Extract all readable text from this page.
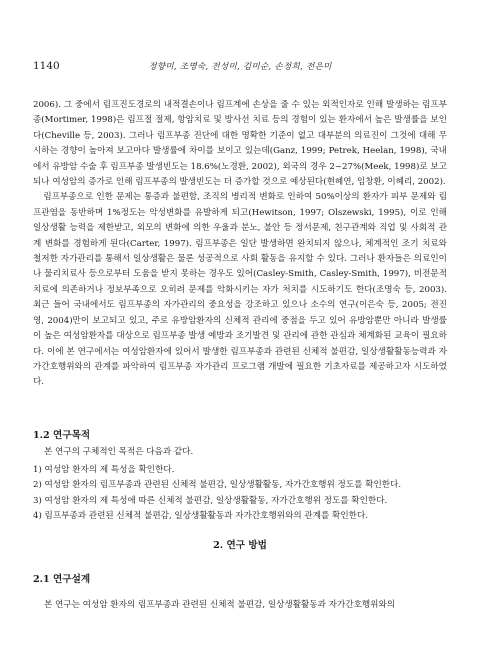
1140	정향미, 조명숙, 전성미, 김미순, 손정희, 전은미

2006). 그 중에서 림프진도경로의 내적결손이나 림프계에 손상을 줄 수 있는 외적인자로 인해 발생하는 림프부종(Mortimer, 1998)은 림프절 절제, 항암치료 및 방사선 치료 등의 경험이 있는 환자에서 높은 발생률을 보인다(Cheville 등, 2003). 그러나 림프부종 진단에 대한 명확한 기준이 없고 대부분의 의료진이 그것에 대해 무시하는 경향이 높아져 보고마다 발생률에 차이를 보이고 있는데(Ganz, 1999; Petrek, Heelan, 1998), 국내에서 유방암 수술 후 림프부종 발생빈도는 18.6%(노경환, 2002), 외국의 경우 2~27%(Meek, 1998)로 보고되나 여성암의 증가로 인해 림프부종의 발생빈도는 더 증가할 것으로 예상된다(현혜연, 임창환, 이혜리, 2002).

림프부종으로 인한 문제는 통증과 불편함, 조직의 병리적 변화로 인하여 50%이상의 환자가 피부 문제와 림프관염을 동반하며 1%정도는 악성변화를 유발하게 되고(Hewitson, 1997; Olszewski, 1995), 이로 인해 일상생활 능력을 제한받고, 외모의 변화에 의한 우울과 분노, 불안 등 정서문제, 친구관계와 직업 및 사회적 관계 변화를 경험하게 된다(Carter, 1997). 림프부종은 일단 발생하면 완치되지 않으나, 체계적인 조기 치료와 철저한 자가관리를 통해서 일상생활은 물론 성공적으로 사회 활동을 유지할 수 있다. 그러나 환자들은 의료인이나 물리치료사 등으로부터 도움을 받지 못하는 경우도 있어(Casley-Smith, Casley-Smith, 1997), 비전문적 치료에 의존하거나 정보부족으로 오히려 문제를 악화시키는 자가 처치를 시도하기도 한다(조명숙 등, 2003). 최근 들어 국내에서도 림프부종의 자가관리의 중요성을 강조하고 있으나 소수의 연구(이은숙 등, 2005; 전진영, 2004)만이 보고되고 있고, 주로 유방암환자의 신체적 관리에 중점을 두고 있어 유방암뿐만 아니라 발생률이 높은 여성암환자를 대상으로 림프부종 발생 예방과 조기발견 및 관리에 관한 관심과 체계화된 교육이 필요하다. 이에 본 연구에서는 여성암환자에 있어서 발생한 림프부종과 관련된 신체적 불편감, 일상생활활동능력과 자가간호행위와의 관계를 파악하여 림프부종 자가관리 프로그램 개발에 필요한 기초자료를 제공하고자 시도하였다.

1.2 연구목적
본 연구의 구체적인 목적은 다음과 같다.
1) 여성암 환자의 제 특성을 확인한다.
2) 여성암 환자의 림프부종과 관련된 신체적 불편감, 일상생활활동, 자가간호행위 정도를 확인한다.
3) 여성암 환자의 제 특성에 따른 신체적 불편감, 일상생활활동, 자가간호행위 정도를 확인한다.
4) 림프부종과 관련된 신체적 불편감, 일상생활활동과 자가간호행위와의 관계를 확인한다.
2. 연구 방법
2.1 연구설계
본 연구는 여성암 환자의 림프부종과 관련된 신체적 불편감, 일상생활활동과 자가간호행위와의
